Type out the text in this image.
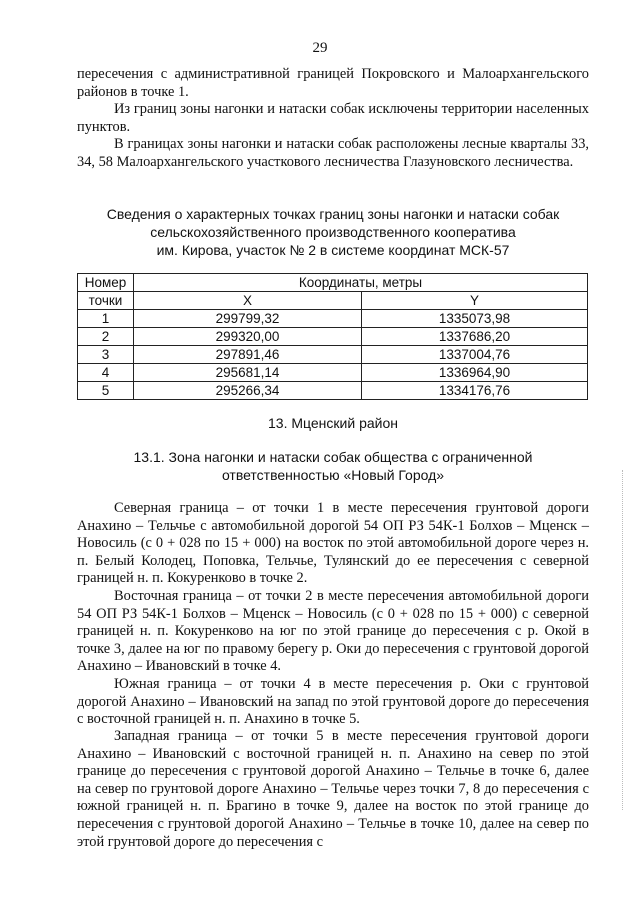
29

пересечения с административной границей Покровского и Малоархангельского районов в точке 1.

Из границ зоны нагонки и натаски собак исключены территории населенных пунктов.

В границах зоны нагонки и натаски собак расположены лесные кварталы 33, 34, 58 Малоархангельского участкового лесничества Глазуновского лесничества.

Сведения о характерных точках границ зоны нагонки и натаски собак

сельскохозяйственного производственного кооператива

им. Кирова, участок № 2 в системе координат МСК-57

Номер	Координаты, метры	
точки	X	Y
1	299799,32	1335073,98
2	299320,00	1337686,20
3	297891,46	1337004,76
4	295681,14	1336964,90
5	295266,34	1334176,76

13. Мценский район

13.1. Зона нагонки и натаски собак общества с ограниченной

ответственностью «Новый Город»

Северная граница – от точки 1 в месте пересечения грунтовой дороги Анахино – Тельчье с автомобильной дорогой 54 ОП РЗ 54К-1 Болхов – Мценск – Новосиль (с 0 + 028 по 15 + 000) на восток по этой автомобильной дороге через н. п. Белый Колодец, Поповка, Тельчье, Тулянский до ее пересечения с северной границей н. п. Кокуренково в точке 2.

Восточная граница – от точки 2 в месте пересечения автомобильной дороги 54 ОП РЗ 54К-1 Болхов – Мценск – Новосиль (с 0 + 028 по 15 + 000) с северной границей н. п. Кокуренково на юг по этой границе до пересечения с р. Окой в точке 3, далее на юг по правому берегу р. Оки до пересечения с грунтовой дорогой Анахино – Ивановский в точке 4.

Южная граница – от точки 4 в месте пересечения р. Оки с грунтовой дорогой Анахино – Ивановский на запад по этой грунтовой дороге до пересечения с восточной границей н. п. Анахино в точке 5.

Западная граница – от точки 5 в месте пересечения грунтовой дороги Анахино – Ивановский с восточной границей н. п. Анахино на север по этой границе до пересечения с грунтовой дорогой Анахино – Тельчье в точке 6, далее на север по грунтовой дороге Анахино – Тельчье через точки 7, 8 до пересечения с южной границей н. п. Брагино в точке 9, далее на восток по этой границе до пересечения с грунтовой дорогой Анахино – Тельчье в точке 10, далее на север по этой грунтовой дороге до пересечения с
